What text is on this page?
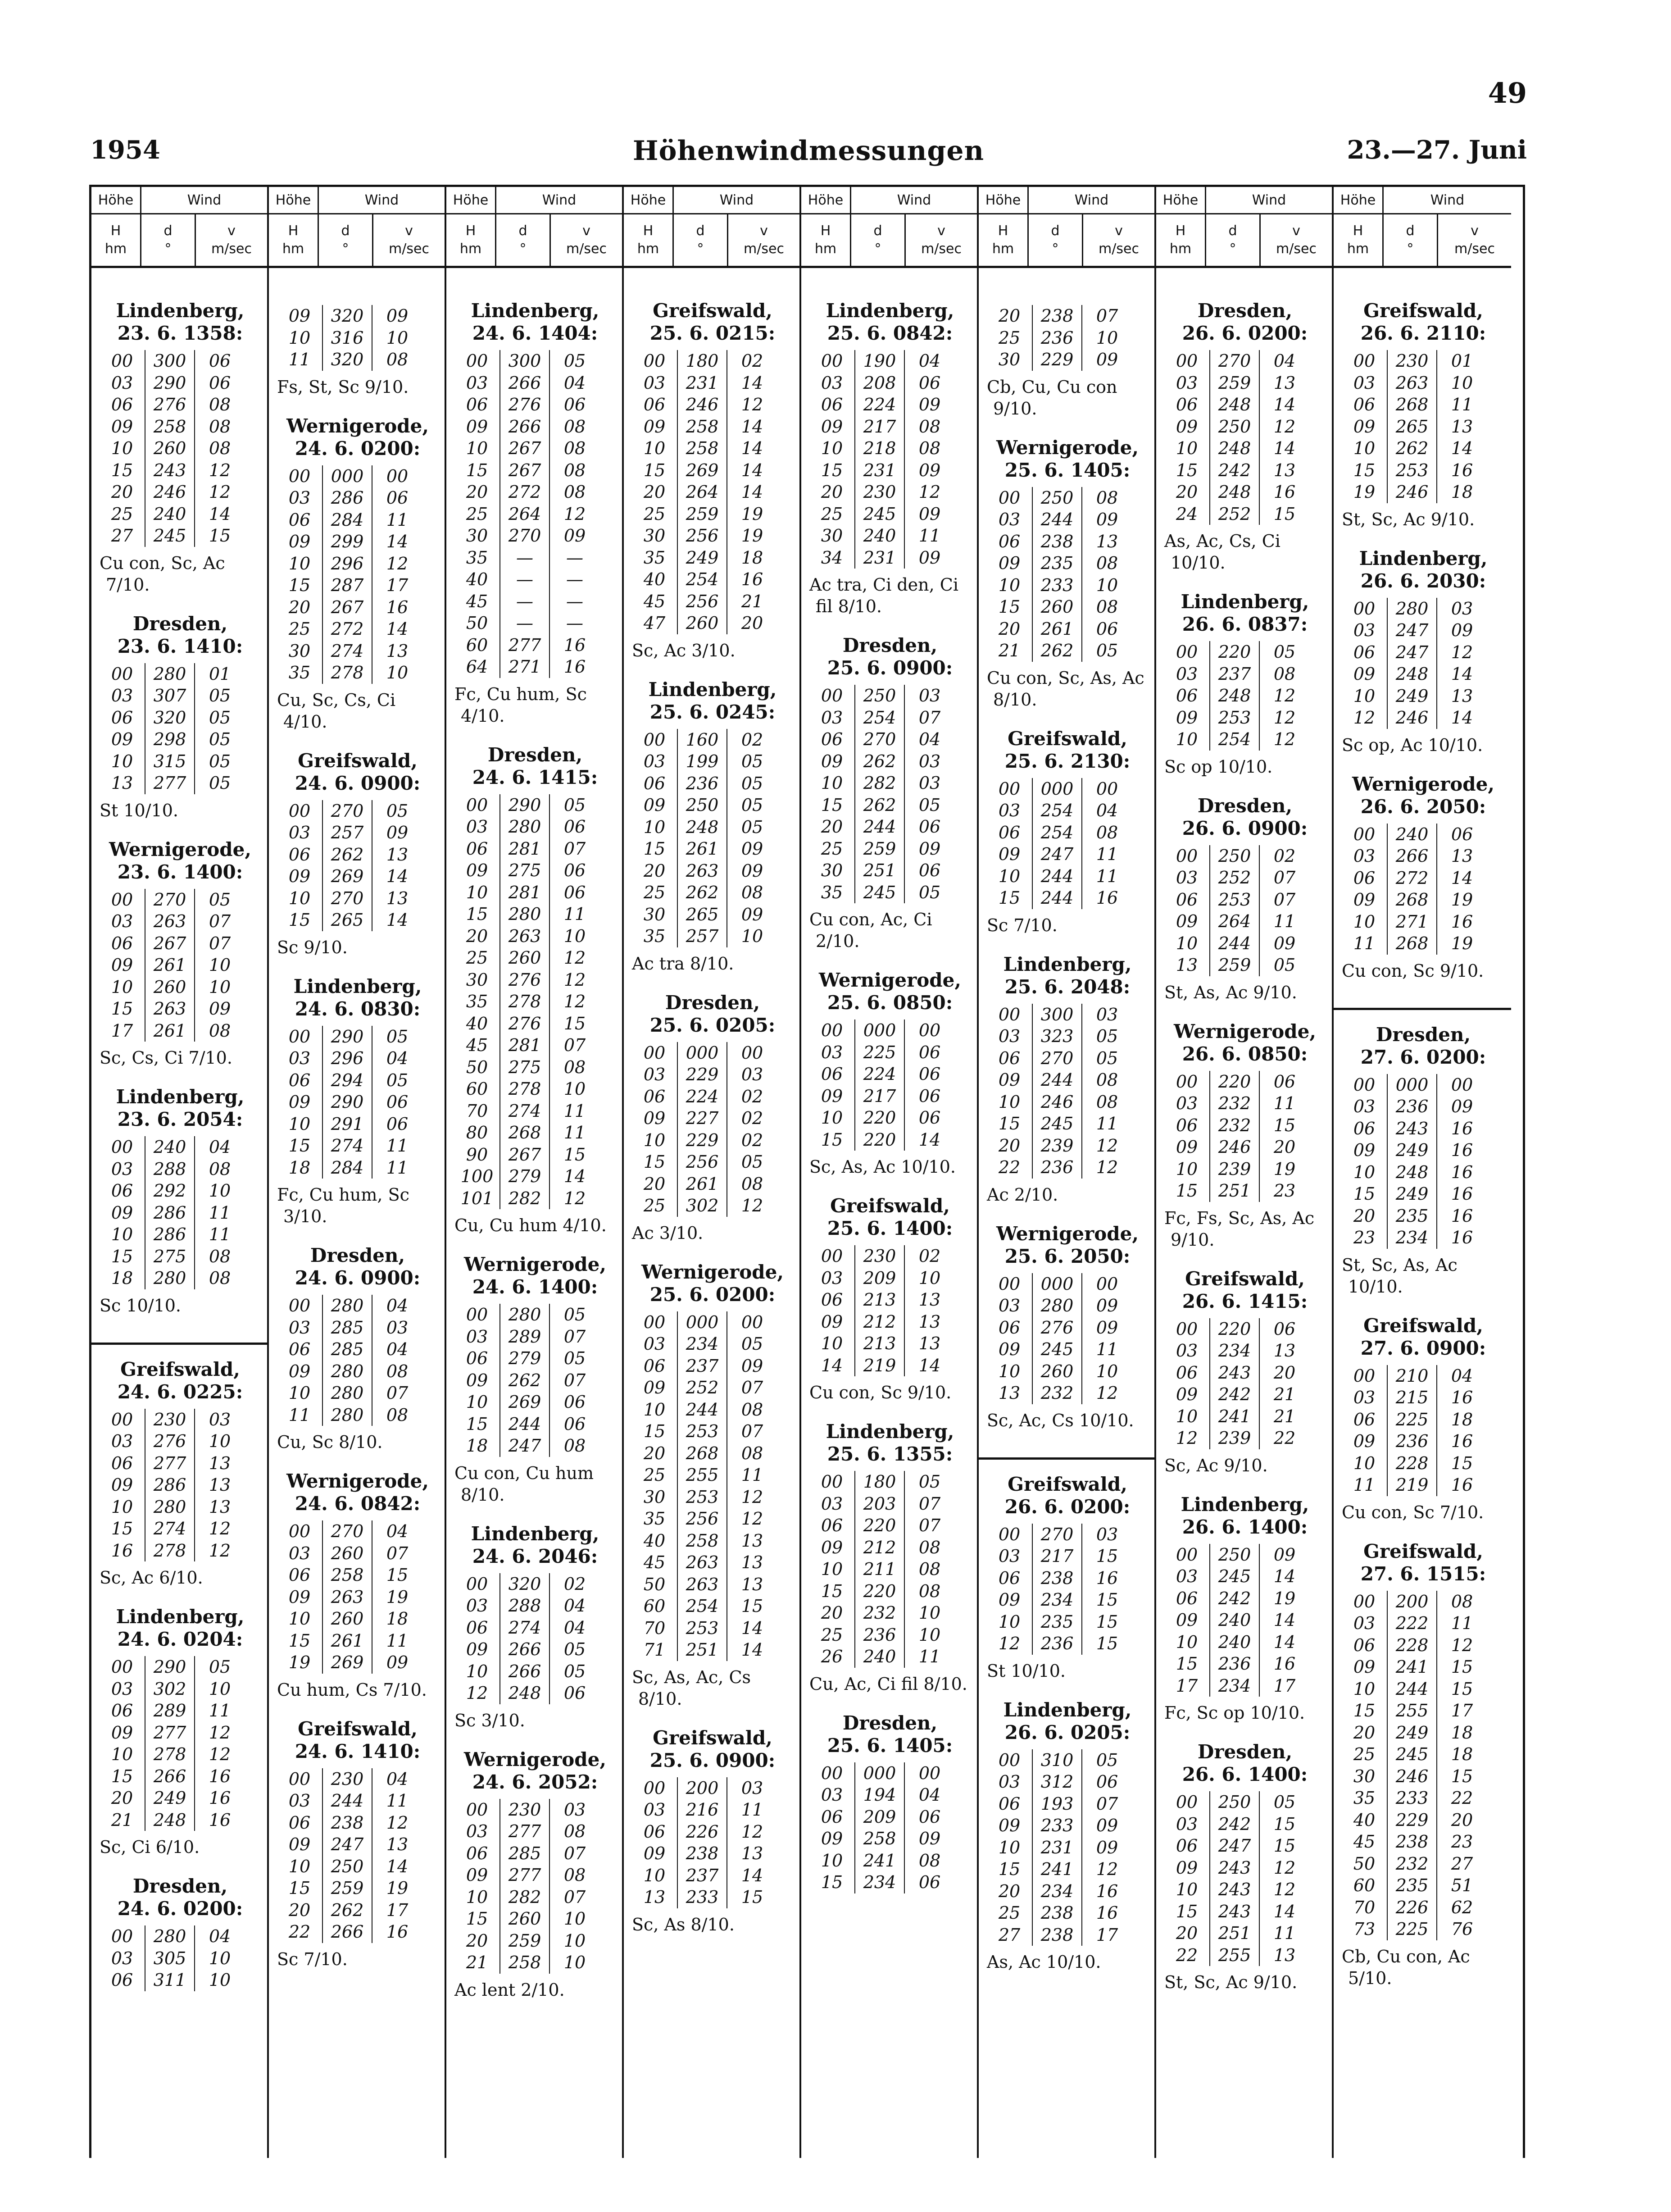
49
1954	Höhenwindmessungen	23.—27. Juni
Höhe	Wind
H
hm
d
°
v
m/sec
Lindenberg,
23. 6. 1358:
00	300	06
03	290	06
06	276	08
09	258	08
10	260	08
15	243	12
20	246	12
25	240	14
27	245	15
Cu con, Sc, Ac 7/10.
Dresden,
23. 6. 1410:
00	280	01
03	307	05
06	320	05
09	298	05
10	315	05
13	277	05
St 10/10.
Wernigerode,
23. 6. 1400:
00	270	05
03	263	07
06	267	07
09	261	10
10	260	10
15	263	09
17	261	08
Sc, Cs, Ci 7/10.
Lindenberg,
23. 6. 2054:
00	240	04
03	288	08
06	292	10
09	286	11
10	286	11
15	275	08
18	280	08
Sc 10/10.
Greifswald,
24. 6. 0225:
00	230	03
03	276	10
06	277	13
09	286	13
10	280	13
15	274	12
16	278	12
Sc, Ac 6/10.
Lindenberg,
24. 6. 0204:
00	290	05
03	302	10
06	289	11
09	277	12
10	278	12
15	266	16
20	249	16
21	248	16
Sc, Ci 6/10.
Dresden,
24. 6. 0200:
00	280	04
03	305	10
06	311	10
Höhe	Wind
H
hm
d
°
v
m/sec
09	320	09
10	316	10
11	320	08
Fs, St, Sc 9/10.
Wernigerode,
24. 6. 0200:
00	000	00
03	286	06
06	284	11
09	299	14
10	296	12
15	287	17
20	267	16
25	272	14
30	274	13
35	278	10
Cu, Sc, Cs, Ci 4/10.
Greifswald,
24. 6. 0900:
00	270	05
03	257	09
06	262	13
09	269	14
10	270	13
15	265	14
Sc 9/10.
Lindenberg,
24. 6. 0830:
00	290	05
03	296	04
06	294	05
09	290	06
10	291	06
15	274	11
18	284	11
Fc, Cu hum, Sc 3/10.
Dresden,
24. 6. 0900:
00	280	04
03	285	03
06	285	04
09	280	08
10	280	07
11	280	08
Cu, Sc 8/10.
Wernigerode,
24. 6. 0842:
00	270	04
03	260	07
06	258	15
09	263	19
10	260	18
15	261	11
19	269	09
Cu hum, Cs 7/10.
Greifswald,
24. 6. 1410:
00	230	04
03	244	11
06	238	12
09	247	13
10	250	14
15	259	19
20	262	17
22	266	16
Sc 7/10.
Höhe	Wind
H
hm
d
°
v
m/sec
Lindenberg,
24. 6. 1404:
00	300	05
03	266	04
06	276	06
09	266	08
10	267	08
15	267	08
20	272	08
25	264	12
30	270	09
35	—	—
40	—	—
45	—	—
50	—	—
60	277	16
64	271	16
Fc, Cu hum, Sc 4/10.
Dresden,
24. 6. 1415:
00	290	05
03	280	06
06	281	07
09	275	06
10	281	06
15	280	11
20	263	10
25	260	12
30	276	12
35	278	12
40	276	15
45	281	07
50	275	08
60	278	10
70	274	11
80	268	11
90	267	15
100 279	14
101 282	12
Cu, Cu hum 4/10.
Wernigerode,
24. 6. 1400:
00	280	05
03	289	07
06	279	05
09	262	07
10	269	06
15	244	06
18	247	08
Cu con, Cu hum 8/10.
Lindenberg,
24. 6. 2046:
00	320	02
03	288	04
06	274	04
09	266	05
10	266	05
12	248	06
Sc 3/10.
Wernigerode,
24. 6. 2052:
00	230	03
03	277	08
06	285	07
09	277	08
10	282	07
15	260	10
20	259	10
21	258	10
Ac lent 2/10.
Höhe	Wind
H
hm
d
°
v
m/sec
Greifswald,
25. 6. 0215:
00	180	02
03	231	14
06	246	12
09	258	14
10	258	14
15	269	14
20	264	14
25	259	19
30	256	19
35	249	18
40	254	16
45	256	21
47	260	20
Sc, Ac 3/10.
Lindenberg,
25. 6. 0245:
00	160	02
03	199	05
06	236	05
09	250	05
10	248	05
15	261	09
20	263	09
25	262	08
30	265	09
35	257	10
Ac tra 8/10.
Dresden,
25. 6. 0205:
00	000	00
03	229	03
06	224	02
09	227	02
10	229	02
15	256	05
20	261	08
25	302	12
Ac 3/10.
Wernigerode,
25. 6. 0200:
00	000	00
03	234	05
06	237	09
09	252	07
10	244	08
15	253	07
20	268	08
25	255	11
30	253	12
35	256	12
40	258	13
45	263	13
50	263	13
60	254	15
70	253	14
71	251	14
Sc, As, Ac, Cs 8/10.
Greifswald,
25. 6. 0900:
00	200	03
03	216	11
06	226	12
09	238	13
10	237	14
13	233	15
Sc, As 8/10.
Höhe	Wind
H
hm
d
°
v
m/sec
Lindenberg,
25. 6. 0842:
00	190	04
03	208	06
06	224	09
09	217	08
10	218	08
15	231	09
20	230	12
25	245	09
30	240	11
34	231	09
Ac tra, Ci den, Ci fil 8/10.
Dresden,
25. 6. 0900:
00	250	03
03	254	07
06	270	04
09	262	03
10	282	03
15	262	05
20	244	06
25	259	09
30	251	06
35	245	05
Cu con, Ac, Ci 2/10.
Wernigerode,
25. 6. 0850:
00	000	00
03	225	06
06	224	06
09	217	06
10	220	06
15	220	14
Sc, As, Ac 10/10.
Greifswald,
25. 6. 1400:
00	230	02
03	209	10
06	213	13
09	212	13
10	213	13
14	219	14
Cu con, Sc 9/10.
Lindenberg,
25. 6. 1355:
00	180	05
03	203	07
06	220	07
09	212	08
10	211	08
15	220	08
20	232	10
25	236	10
26	240	11
Cu, Ac, Ci fil 8/10.
Dresden,
25. 6. 1405:
00	000	00
03	194	04
06	209	06
09	258	09
10	241	08
15	234	06
Höhe	Wind
H
hm
d
°
v
m/sec
20	238	07
25	236	10
30	229	09
Cb, Cu, Cu con 9/10.
Wernigerode,
25. 6. 1405:
00	250	08
03	244	09
06	238	13
09	235	08
10	233	10
15	260	08
20	261	06
21	262	05
Cu con, Sc, As, Ac 8/10.
Greifswald,
25. 6. 2130:
00	000	00
03	254	04
06	254	08
09	247	11
10	244	11
15	244	16
Sc 7/10.
Lindenberg,
25. 6. 2048:
00	300	03
03	323	05
06	270	05
09	244	08
10	246	08
15	245	11
20	239	12
22	236	12
Ac 2/10.
Wernigerode,
25. 6. 2050:
00	000	00
03	280	09
06	276	09
09	245	11
10	260	10
13	232	12
Sc, Ac, Cs 10/10.
Greifswald,
26. 6. 0200:
00	270	03
03	217	15
06	238	16
09	234	15
10	235	15
12	236	15
St 10/10.
Lindenberg,
26. 6. 0205:
00	310	05
03	312	06
06	193	07
09	233	09
10	231	09
15	241	12
20	234	16
25	238	16
27	238	17
As, Ac 10/10.
Höhe	Wind
H
hm
d
°
v
m/sec
Dresden,
26. 6. 0200:
00	270	04
03	259	13
06	248	14
09	250	12
10	248	14
15	242	13
20	248	16
24	252	15
As, Ac, Cs, Ci 10/10.
Lindenberg,
26. 6. 0837:
00	220	05
03	237	08
06	248	12
09	253	12
10	254	12
Sc op 10/10.
Dresden,
26. 6. 0900:
00	250	02
03	252	07
06	253	07
09	264	11
10	244	09
13	259	05
St, As, Ac 9/10.
Wernigerode,
26. 6. 0850:
00	220	06
03	232	11
06	232	15
09	246	20
10	239	19
15	251	23
Fc, Fs, Sc, As, Ac 9/10.
Greifswald,
26. 6. 1415:
00	220	06
03	234	13
06	243	20
09	242	21
10	241	21
12	239	22
Sc, Ac 9/10.
Lindenberg,
26. 6. 1400:
00	250	09
03	245	14
06	242	19
09	240	14
10	240	14
15	236	16
17	234	17
Fc, Sc op 10/10.
Dresden,
26. 6. 1400:
00	250	05
03	242	15
06	247	15
09	243	12
10	243	12
15	243	14
20	251	11
22	255	13
St, Sc, Ac 9/10.
Höhe	Wind
H
hm
d
°
v
m/sec
Greifswald,
26. 6. 2110:
00	230	01
03	263	10
06	268	11
09	265	13
10	262	14
15	253	16
19	246	18
St, Sc, Ac 9/10.
Lindenberg,
26. 6. 2030:
00	280	03
03	247	09
06	247	12
09	248	14
10	249	13
12	246	14
Sc op, Ac 10/10.
Wernigerode,
26. 6. 2050:
00	240	06
03	266	13
06	272	14
09	268	19
10	271	16
11	268	19
Cu con, Sc 9/10.
Dresden,
27. 6. 0200:
00	000	00
03	236	09
06	243	16
09	249	16
10	248	16
15	249	16
20	235	16
23	234	16
St, Sc, As, Ac 10/10.
Greifswald,
27. 6. 0900:
00	210	04
03	215	16
06	225	18
09	236	16
10	228	15
11	219	16
Cu con, Sc 7/10.
Greifswald,
27. 6. 1515:
00	200	08
03	222	11
06	228	12
09	241	15
10	244	15
15	255	17
20	249	18
25	245	18
30	246	15
35	233	22
40	229	20
45	238	23
50	232	27
60	235	51
70	226	62
73	225	76
Cb, Cu con, Ac 5/10.
